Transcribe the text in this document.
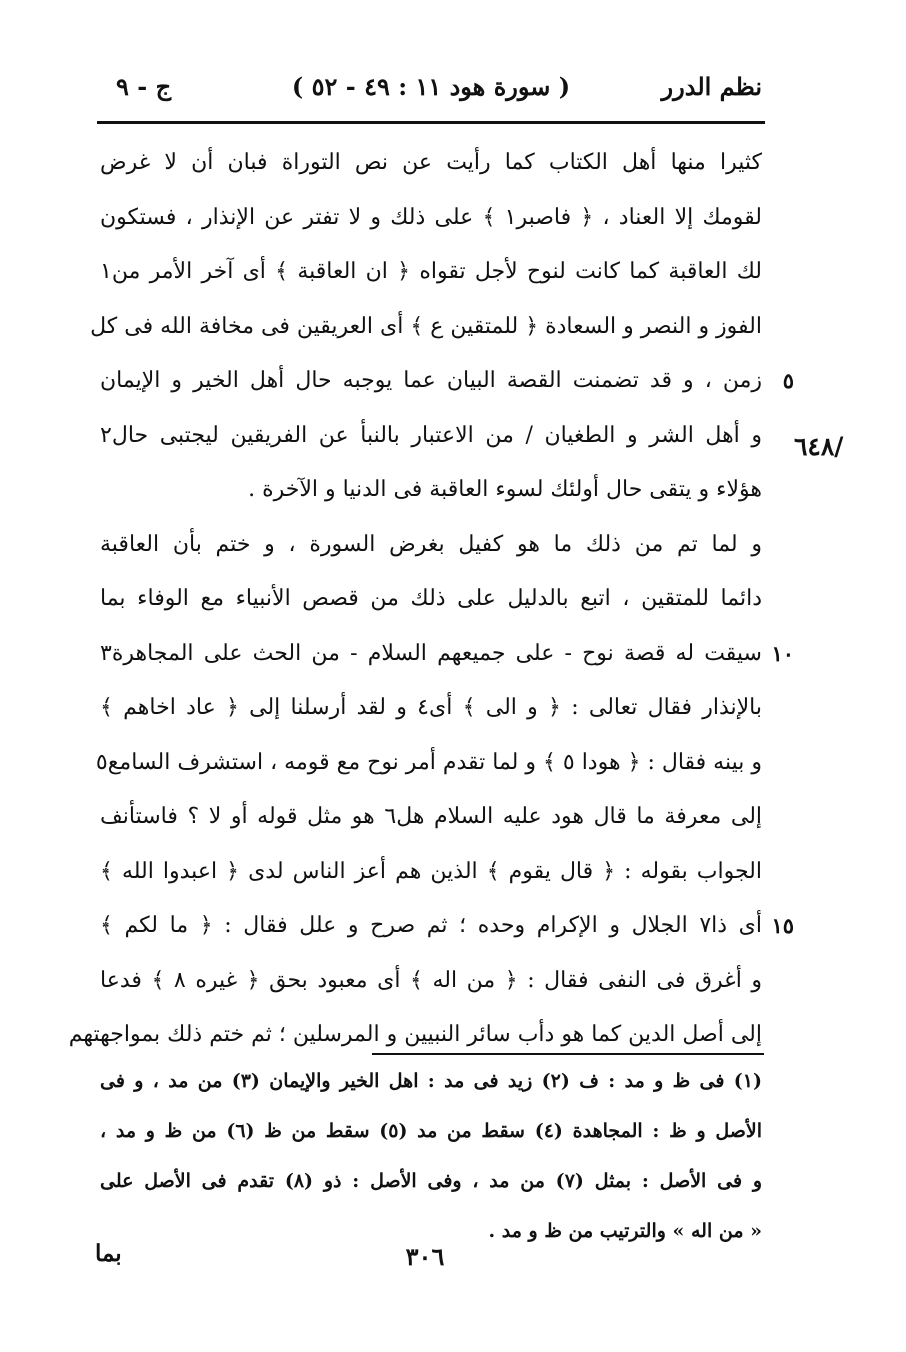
نظم الدرر
( سورة هود ١١ : ٤٩ - ٥٢ )
ج - ٩
٦٤٨/
كثيرا منها أهل الكتاب كما رأيت عن نص التوراة فبان أن لا غرض
لقومك إلا العناد ، ﴿ فاصبر١ ﴾ على ذلك و لا تفتر عن الإنذار ، فستكون
لك العاقبة كما كانت لنوح لأجل تقواه ﴿ ان العاقبة ﴾ أى آخر الأمر من١
الفوز و النصر و السعادة ﴿ للمتقين ع ﴾ أى العريقين فى مخافة الله فى كل
٥
زمن ، و قد تضمنت القصة البيان عما يوجبه حال أهل الخير و الإيمان
و أهل الشر و الطغيان / من الاعتبار بالنبأ عن الفريقين ليجتبى حال٢
هؤلاء و يتقى حال أولئك لسوء العاقبة فى الدنيا و الآخرة .
و لما تم من ذلك ما هو كفيل بغرض السورة ، و ختم بأن العاقبة
دائما للمتقين ، اتبع بالدليل على ذلك من قصص الأنبياء مع الوفاء بما
١٠
سيقت له قصة نوح - على جميعهم السلام - من الحث على المجاهرة٣
بالإنذار فقال تعالى : ﴿ و الى ﴾ أى٤ و لقد أرسلنا إلى ﴿ عاد اخاهم ﴾
و بينه فقال : ﴿ هودا ٥ ﴾ و لما تقدم أمر نوح مع قومه ، استشرف السامع٥
إلى معرفة ما قال هود عليه السلام هل٦ هو مثل قوله أو لا ؟ فاستأنف
الجواب بقوله : ﴿ قال يقوم ﴾ الذين هم أعز الناس لدى ﴿ اعبدوا الله ﴾
١٥
أى ذا٧ الجلال و الإكرام وحده ؛ ثم صرح و علل فقال : ﴿ ما لكم ﴾
و أغرق فى النفى فقال : ﴿ من اله ﴾ أى معبود بحق ﴿ غيره ٨ ﴾ فدعا
إلى أصل الدين كما هو دأب سائر النبيين و المرسلين ؛ ثم ختم ذلك بمواجهتهم
(١) فى ظ و مد : ف (٢) زيد فى مد : اهل الخير والإيمان (٣) من مد ، و فى
الأصل و ظ : المجاهدة (٤) سقط من مد (٥) سقط من ظ (٦) من ظ و مد ،
و فى الأصل : بمثل (٧) من مد ، وفى الأصل : ذو (٨) تقدم فى الأصل على
« من اله » والترتيب من ظ و مد .
٣٠٦
بما
